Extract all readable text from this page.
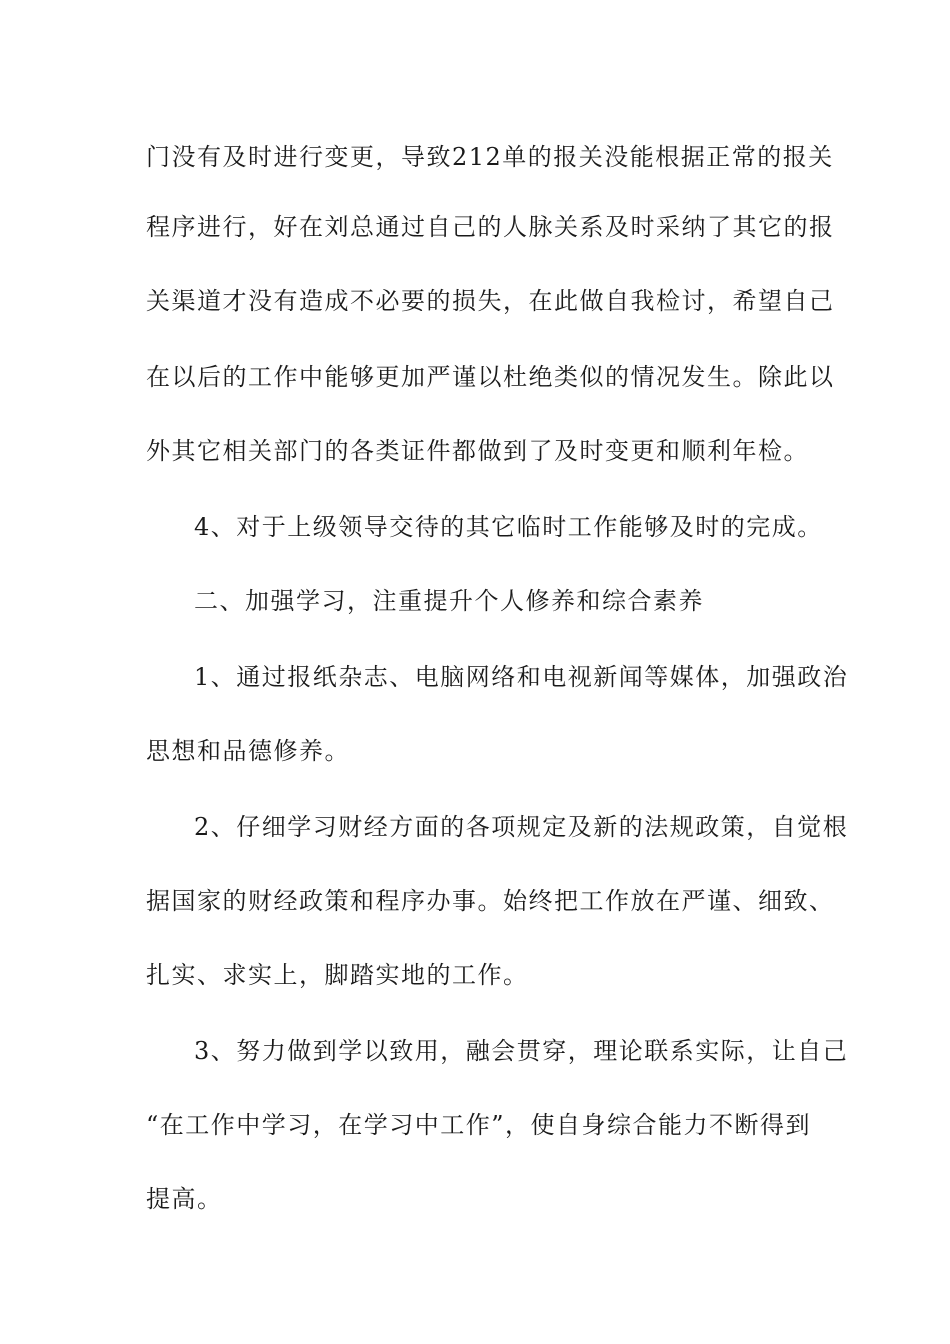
门没有及时进行变更，导致212单的报关没能根据正常的报关
程序进行，好在刘总通过自己的人脉关系及时采纳了其它的报
关渠道才没有造成不必要的损失，在此做自我检讨，希望自己
在以后的工作中能够更加严谨以杜绝类似的情况发生。除此以
外其它相关部门的各类证件都做到了及时变更和顺利年检。
4、对于上级领导交待的其它临时工作能够及时的完成。
二、加强学习，注重提升个人修养和综合素养
1、通过报纸杂志、电脑网络和电视新闻等媒体，加强政治
思想和品德修养。
2、仔细学习财经方面的各项规定及新的法规政策，自觉根
据国家的财经政策和程序办事。始终把工作放在严谨、细致、
扎实、求实上，脚踏实地的工作。
3、努力做到学以致用，融会贯穿，理论联系实际，让自己
“在工作中学习，在学习中工作”，使自身综合能力不断得到
提高。
